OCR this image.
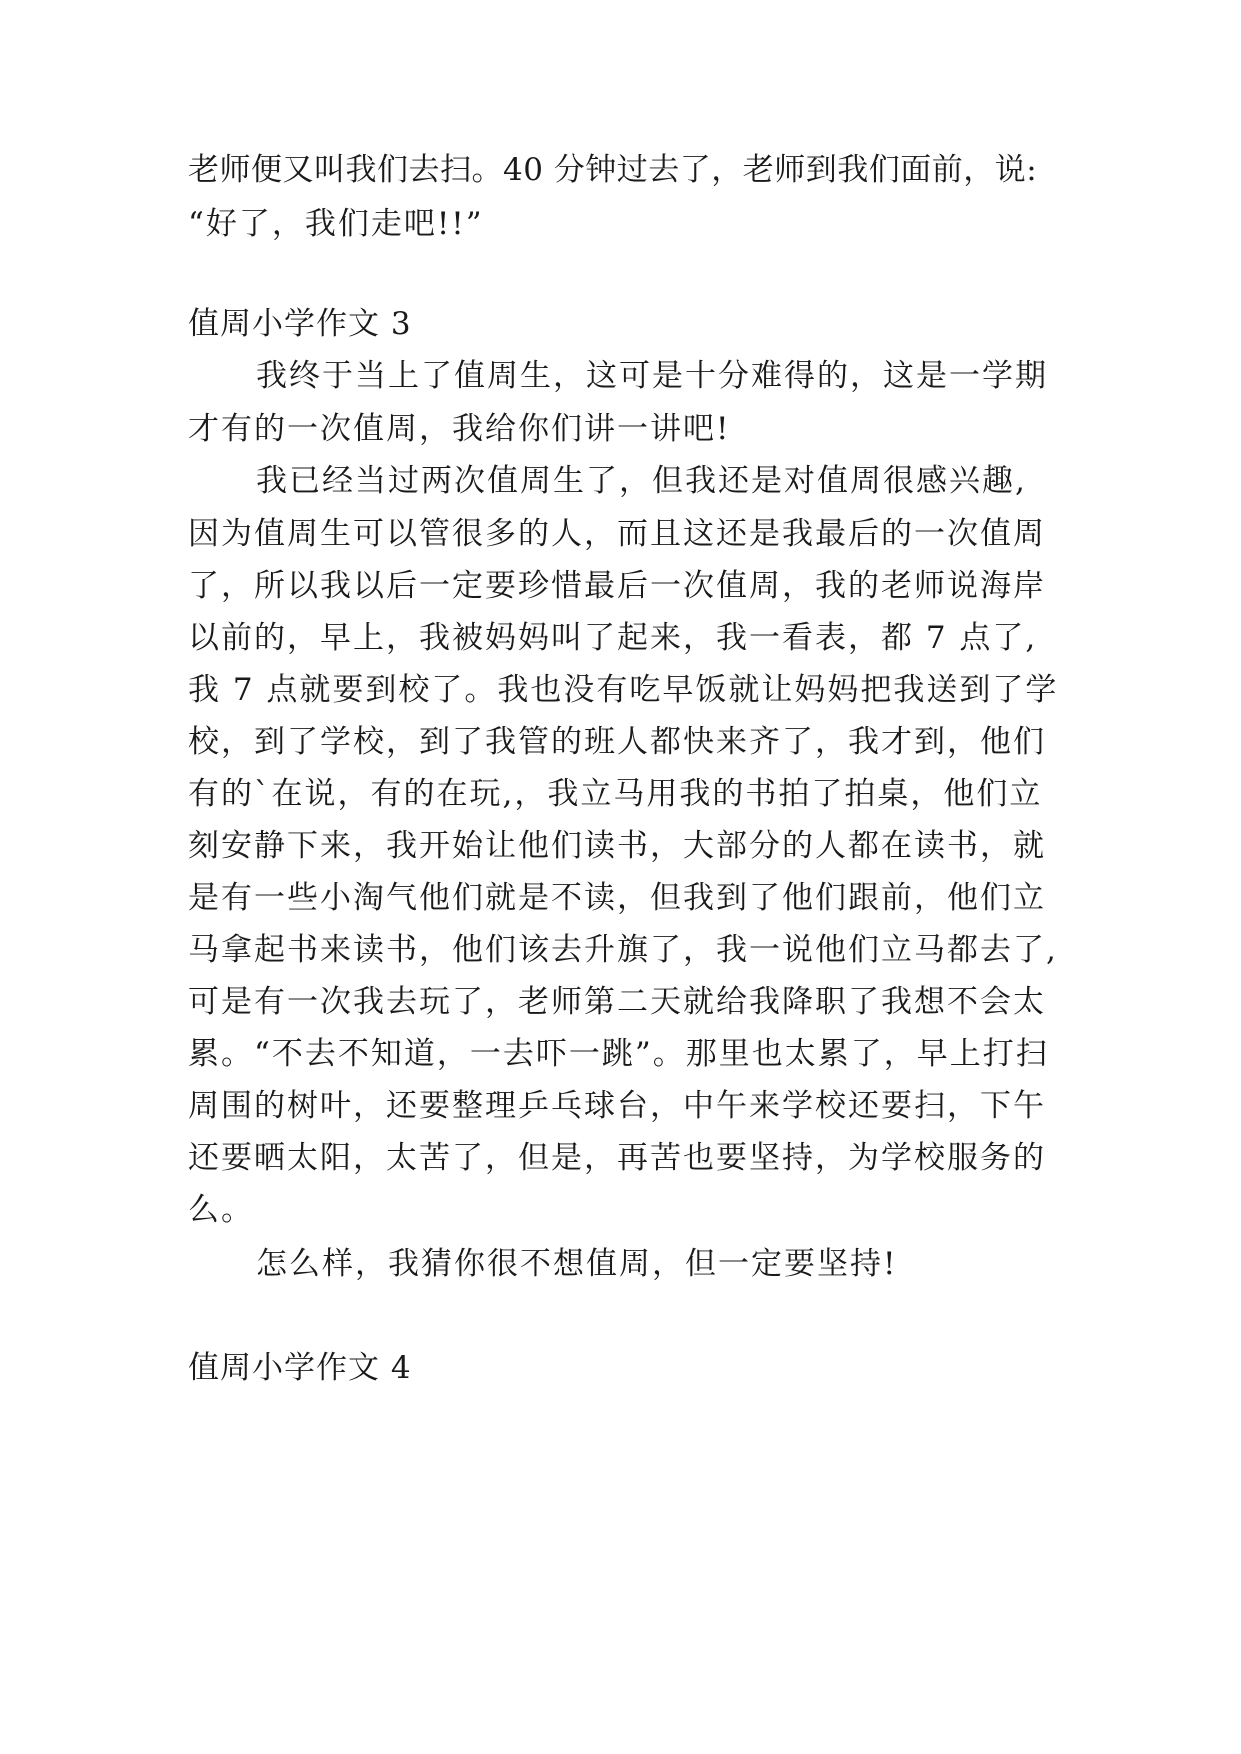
老师便又叫我们去扫。40 分钟过去了，老师到我们面前，说:
“好了，我们走吧!!”
值周小学作文 3
我终于当上了值周生，这可是十分难得的，这是一学期
才有的一次值周，我给你们讲一讲吧!
我已经当过两次值周生了，但我还是对值周很感兴趣,
因为值周生可以管很多的人，而且这还是我最后的一次值周
了，所以我以后一定要珍惜最后一次值周，我的老师说海岸
以前的，早上，我被妈妈叫了起来，我一看表，都 7 点了,
我 7 点就要到校了。我也没有吃早饭就让妈妈把我送到了学
校，到了学校，到了我管的班人都快来齐了，我才到，他们
有的`在说，有的在玩,，我立马用我的书拍了拍桌，他们立
刻安静下来，我开始让他们读书，大部分的人都在读书，就
是有一些小淘气他们就是不读，但我到了他们跟前，他们立
马拿起书来读书，他们该去升旗了，我一说他们立马都去了,
可是有一次我去玩了，老师第二天就给我降职了我想不会太
累。“不去不知道，一去吓一跳”。那里也太累了，早上打扫
周围的树叶，还要整理乒乓球台，中午来学校还要扫，下午
还要晒太阳，太苦了，但是，再苦也要坚持，为学校服务的
么。
怎么样，我猜你很不想值周，但一定要坚持!
值周小学作文 4
